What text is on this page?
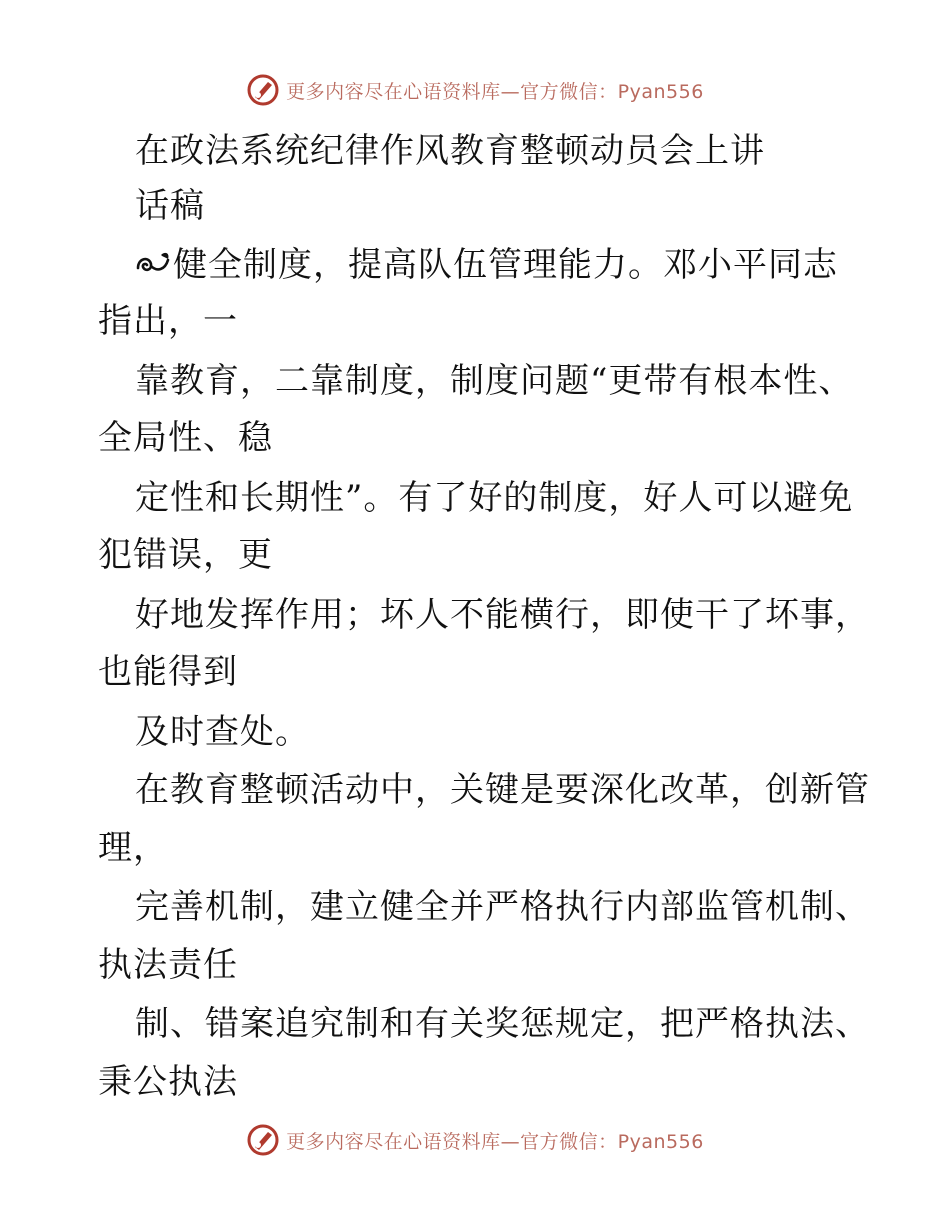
更多内容尽在心语资料库—官方微信：Pyan556
在政法系统纪律作风教育整顿动员会上讲
话稿
健全制度，提高队伍管理能力。邓小平同志
指出，一
靠教育，二靠制度，制度问题“更带有根本性、
全局性、稳
定性和长期性”。有了好的制度，好人可以避免
犯错误，更
好地发挥作用；坏人不能横行，即使干了坏事，
也能得到
及时查处。
在教育整顿活动中，关键是要深化改革，创新管
理，
完善机制，建立健全并严格执行内部监管机制、
执法责任
制、错案追究制和有关奖惩规定，把严格执法、
秉公执法
更多内容尽在心语资料库—官方微信：Pyan556
